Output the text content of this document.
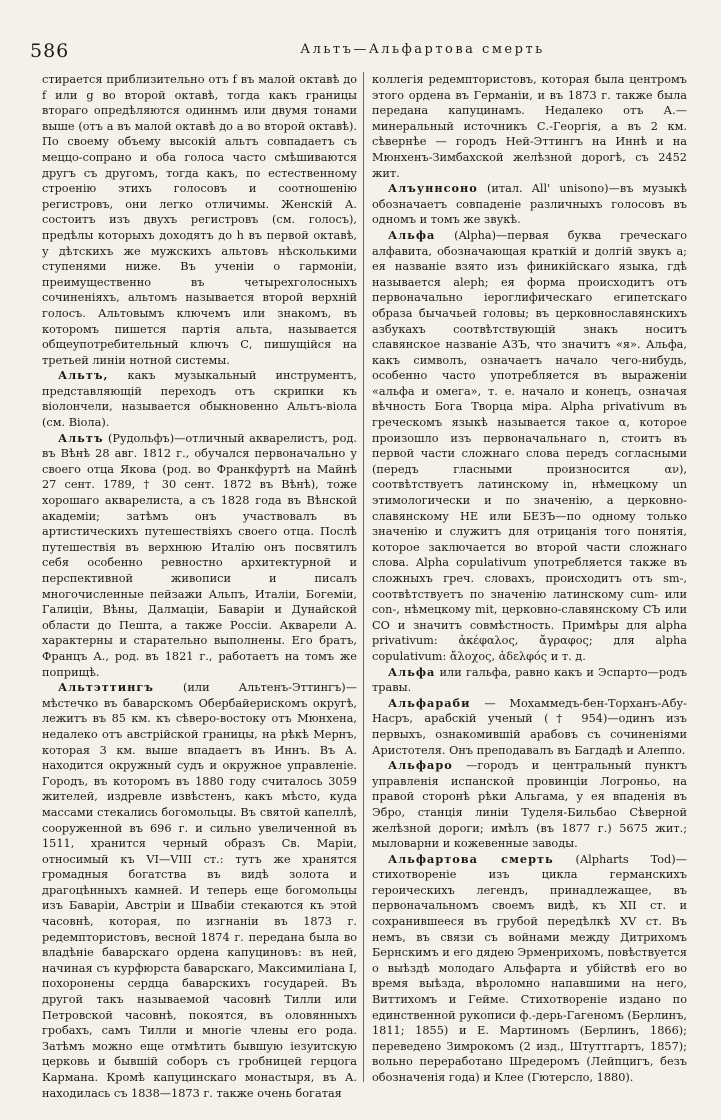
586	Альтъ—Альфартова смерть

стирается приблизительно отъ f въ малой октавѣ до f или g во второй октавѣ, тогда какъ границы втораго опредѣляются одиннмъ или двумя тонами выше (отъ а въ малой октавѣ до а во второй октавѣ). По своему объему высокій альтъ совпадаетъ съ меццо-сопрано и оба голоса часто смѣшиваются другъ съ другомъ, тогда какъ, по естественному строенію этихъ голосовъ и соотношенію регистровъ, они легко отличимы. Женскій А. состоитъ изъ двухъ регистровъ (см. голосъ), предѣлы которыхъ доходятъ до h въ первой октавѣ, у дѣтскихъ же мужскихъ альтовъ нѣсколькими ступенями ниже. Въ ученіи о гармоніи, преимущественно въ четырехголосныхъ сочиненіяхъ, альтомъ называется второй верхній голосъ. Альтовымъ ключемъ или знакомъ, въ которомъ пишется партія альта, называется общеупотребительный ключъ С, пишущійся на третьей линіи нотной системы.

Альтъ, какъ музыкальный инструментъ, представляющій переходъ отъ скрипки къ віолончели, называется обыкновенно Альтъ-віола (см. Віола).

Альтъ (Рудольфъ)—отличный акварелистъ, род. въ Вѣнѣ 28 авг. 1812 г., обучался первоначально у своего отца Якова (род. во Франкфуртѣ на Майнѣ 27 сент. 1789, † 30 сент. 1872 въ Вѣнѣ), тоже хорошаго акварелиста, а съ 1828 года въ Вѣнской академіи; затѣмъ онъ участвовалъ въ артистическихъ путешествіяхъ своего отца. Послѣ путешествія въ верхнюю Италію онъ посвятилъ себя особенно ревностно архитектурной и перспективной живописи и писалъ многочисленные пейзажи Альпъ, Италіи, Богеміи, Галиціи, Вѣны, Далмаціи, Баваріи и Дунайской области до Пешта, а также Россіи. Акварели А. характерны и старательно выполнены. Его братъ, Францъ А., род. въ 1821 г., работаетъ на томъ же поприщѣ.

Альтэттингъ	(или Альтенъ-Эттингъ)—мѣстечко въ баварскомъ Обербайерискомъ округѣ, лежитъ въ 85 км. къ сѣверо-востоку отъ Мюнхена, недалеко отъ австрійской границы, на рѣкѣ Мернъ, которая 3 км. выше впадаетъ въ Иннъ. Въ А. находится окружный судъ и окружное управленіе. Городъ, въ которомъ въ 1880 году считалось 3059 жителей, издревле извѣстенъ, какъ мѣсто, куда массами стекались богомольцы. Въ святой капеллѣ, сооруженной въ 696 г. и сильно увеличенной въ 1511, хранится черный образъ Св. Маріи, относимый къ VI—VIII ст.: тутъ же хранятся громадныя богатства въ видѣ золота и драгоцѣнныхъ камней. И теперь еще богомольцы изъ Баваріи, Австріи и Швабіи стекаются къ этой часовнѣ, которая, по изгнаніи въ 1873 г. редемптористовъ, весной 1874 г. передана была во владѣніе баварскаго ордена капуциновъ: въ ней, начиная съ курфюрста баварскаго, Максимиліана I, похоронены сердца баварскихъ государей. Въ другой такъ называемой часовнѣ Тилли или Петровской часовнѣ, покоятся, въ оловянныхъ гробахъ, самъ Тилли и многіе члены его рода. Затѣмъ можно еще отмѣтить бывшую іезуитскую церковь и бывшій соборъ съ гробницей герцога Кармана. Кромѣ капуцинскаго монастыря, въ А. находилась съ 1838—1873 г. также очень богатая

коллегія редемптористовъ, которая была центромъ этого ордена въ Германіи, и въ 1873 г. также была передана капуцинамъ. Недалеко отъ А.—минеральный источникъ С.-Георгія, а въ 2 км. сѣвернѣе — городъ Ней-Эттингъ на Иннѣ и на Мюнхенъ-Зимбахской желѣзной дорогѣ, съ 2452 жит.

Алъуннсоно (итал. All' unisono)—въ музыкѣ обозначаетъ совпаденіе различныхъ голосовъ въ одномъ и томъ же звукѣ.

Альфа (Alpha)—первая буква греческаго алфавита, обозначающая краткій и долгій звукъ а; ея названіе взято изъ финикійскаго языка, гдѣ называется aleph; ея форма происходитъ отъ первоначально іероглифическаго египетскаго образа бычачьей головы; въ церковнославянскихъ азбукахъ соотвѣтствующій знакъ носитъ славянское названіе АЗЪ, что значитъ «я». Альфа, какъ символъ, означаетъ начало чего-нибудь, особенно часто употребляется въ выраженіи «альфа и омега», т. е. начало и конецъ, означая вѣчность Бога Творца міра. Alpha privativum въ греческомъ языкѣ называется такое α, которое произошло изъ первоначальнаго n, стоитъ въ первой части сложнаго слова передъ согласными (передъ гласными произносится αν), соотвѣтствуетъ латинскому in, нѣмецкому un этимологически и по значенію, а церковно-славянскому НЕ или БЕЗЪ—по одному только значенію и служитъ для отрицанія того понятія, которое заключается во второй части сложнаго слова. Alpha copulativum употребляется также въ сложныхъ греч. словахъ, происходитъ отъ sm-, соотвѣтствуетъ по значенію латинскому cum- или con-, нѣмецкому mit, церковно-славянскому СЪ или СО и значитъ совмѣстность. Примѣры для alpha privativum: ἀκέφαλος, ἄγραφος; для alpha copulativum: ἄλοχος, ἀδελφός и т. д.

Альфа или гальфа, равно какъ и Эспарто—родъ травы.

Альфараби — Мохаммедъ-бен-Торханъ-Абу-Насръ, арабскій ученый († 954)—одинъ изъ первыхъ, ознакомившій арабовъ съ сочиненіями Аристотеля. Онъ преподавалъ въ Багдадѣ и Алеппо.

Альфаро —городъ и центральный пунктъ управленія испанской провинціи Логроньо, на правой сторонѣ рѣки Альгама, у ея впаденія въ Эбро, станція линіи Туделя-Бильбао Сѣверной желѣзной дороги; имѣлъ (въ 1877 г.) 5675 жит.; мыловарни и кожевенные заводы.

Альфартова смерть (Alpharts Tod)—стихотвореніе изъ цикла германскихъ героическихъ легендъ, принадлежащее, въ первоначальномъ своемъ видѣ, къ XII ст. и сохранившееся въ грубой передѣлкѣ XV ст. Въ немъ, въ связи съ войнами между Дитрихомъ Бернскимъ и его дядею Эрменрихомъ, повѣствуется о выѣздѣ молодаго Альфарта и убійствѣ его во время выѣзда, вѣроломно напавшими на него, Виттихомъ и Гейме. Стихотвореніе издано по единственной рукописи ф.-дерь-Гагеномъ (Берлинъ, 1811; 1855) и Е. Мартиномъ (Берлинъ, 1866); переведено Зимрокомъ (2 изд., Штуттгартъ, 1857); вольно переработано Шредеромъ (Лейпцигъ, безъ обозначенія года) и Клее (Гютерсло, 1880).
